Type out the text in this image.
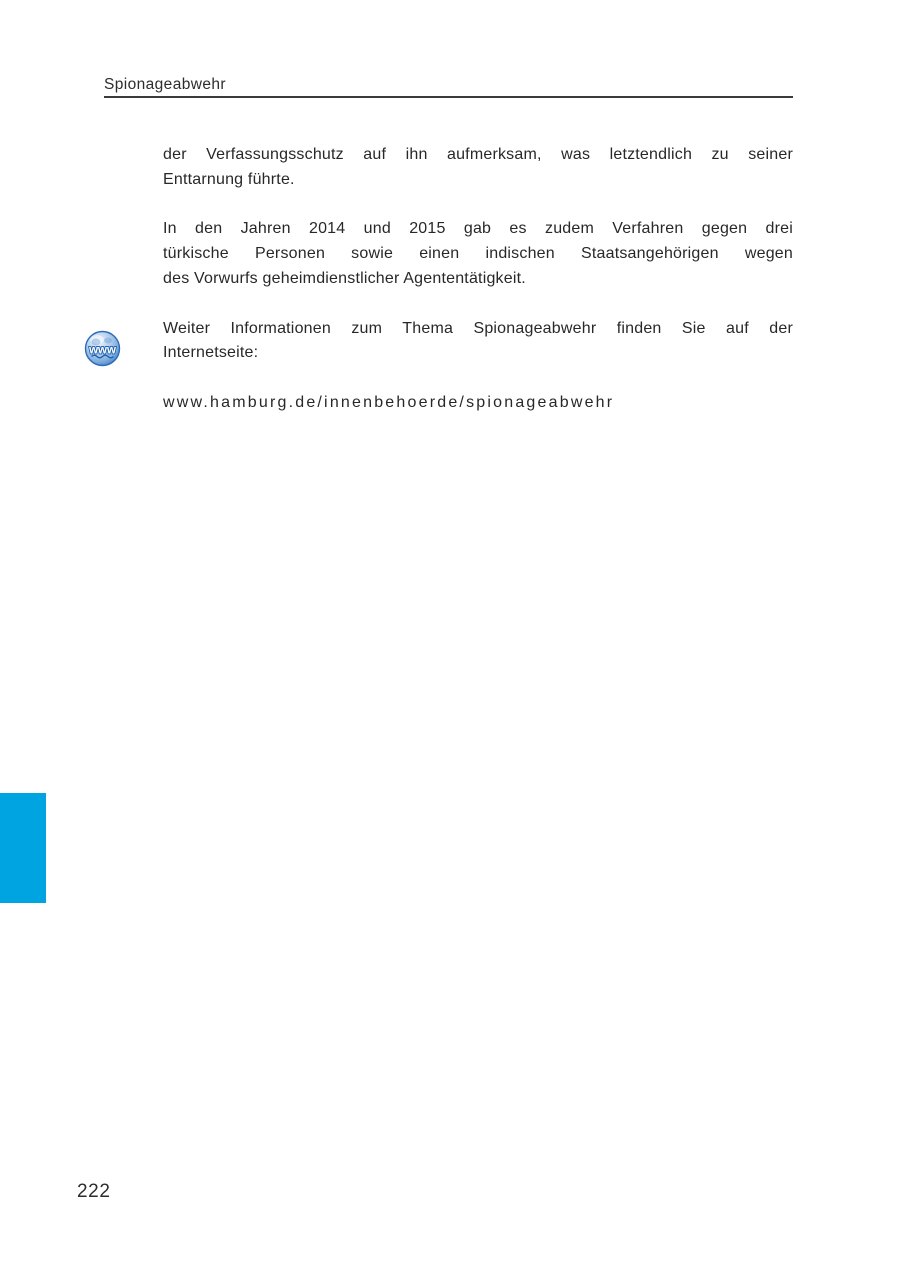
Spionageabwehr
www
der Verfassungsschutz auf ihn aufmerksam, was letztendlich zu seiner
Enttarnung führte.
In den Jahren 2014 und 2015 gab es zudem Verfahren gegen drei
türkische Personen sowie einen indischen Staatsangehörigen wegen
des Vorwurfs geheimdienstlicher Agententätigkeit.
Weiter Informationen zum Thema Spionageabwehr finden Sie auf der
Internetseite:
www.hamburg.de/innenbehoerde/spionageabwehr
222
